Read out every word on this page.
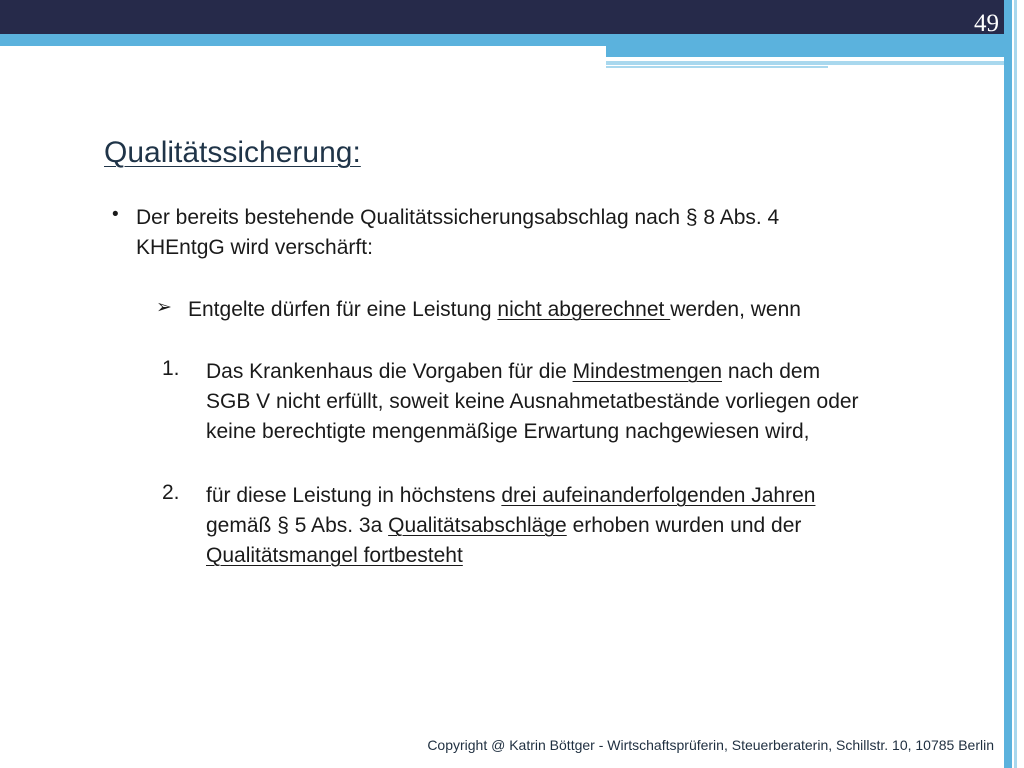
49
Qualitätssicherung:
• Der bereits bestehende Qualitätssicherungsabschlag nach § 8 Abs. 4
KHEntgG wird verschärft:
➢ Entgelte dürfen für eine Leistung nicht abgerechnet werden, wenn
1. Das Krankenhaus die Vorgaben für die Mindestmengen nach dem
SGB V nicht erfüllt, soweit keine Ausnahmetatbestände vorliegen oder
keine berechtigte mengenmäßige Erwartung nachgewiesen wird,
2. für diese Leistung in höchstens drei aufeinanderfolgenden Jahren
gemäß § 5 Abs. 3a Qualitätsabschläge erhoben wurden und der
Qualitätsmangel fortbesteht
Copyright @ Katrin Böttger - Wirtschaftsprüferin, Steuerberaterin, Schillstr. 10, 10785 Berlin
